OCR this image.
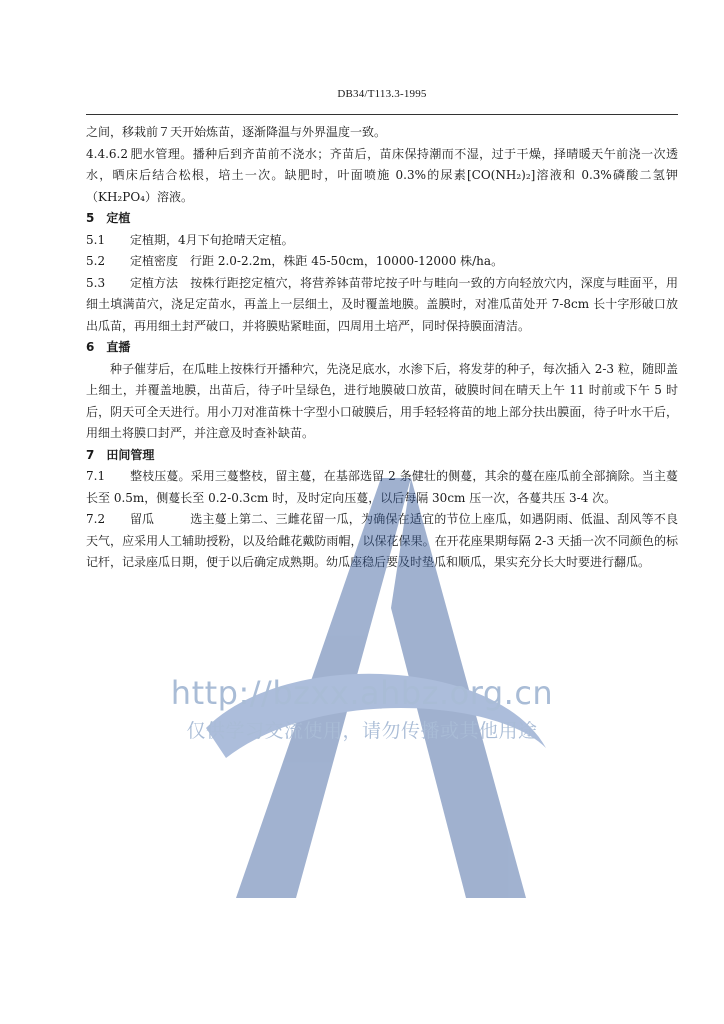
DB34/T113.3-1995

之间，移栽前７天开始炼苗，逐渐降温与外界温度一致。

4.4.6.2 肥水管理。播种后到齐苗前不浇水；齐苗后，苗床保持潮而不湿，过于干燥，择晴暖天午前浇一次透水，晒床后结合松根，培土一次。缺肥时，叶面喷施 0.3%的尿素[CO(NH₂)₂]溶液和 0.3%磷酸二氢钾（KH₂PO₄）溶液。

5　定植

5.1 定植期，4月下旬抢晴天定植。

5.2 定植密度 行距 2.0-2.2m，株距 45-50cm，10000-12000 株/ha。

5.3 定植方法 按株行距挖定植穴，将营养钵苗带坨按子叶与畦向一致的方向轻放穴内，深度与畦面平，用细土填满苗穴，浇足定苗水，再盖上一层细土，及时覆盖地膜。盖膜时，对准瓜苗处开 7-8cm 长十字形破口放出瓜苗，再用细土封严破口，并将膜贴紧畦面，四周用土培严，同时保持膜面清洁。

6　直播

种子催芽后，在瓜畦上按株行开播种穴，先浇足底水，水渗下后，将发芽的种子，每次插入 2-3 粒，随即盖上细土，并覆盖地膜，出苗后，待子叶呈绿色，进行地膜破口放苗，破膜时间在晴天上午 11 时前或下午 5 时后，阴天可全天进行。用小刀对准苗株十字型小口破膜后，用手轻轻将苗的地上部分扶出膜面，待子叶水干后，用细土将膜口封严，并注意及时查补缺苗。

7　田间管理

7.1 整枝压蔓。采用三蔓整枝，留主蔓，在基部选留 2 条健壮的侧蔓，其余的蔓在座瓜前全部摘除。当主蔓长至 0.5m，侧蔓长至 0.2-0.3cm 时，及时定向压蔓，以后每隔 30cm 压一次，各蔓共压 3-4 次。

7.2 留瓜	选主蔓上第二、三雌花留一瓜，为确保在适宜的节位上座瓜，如遇阴雨、低温、刮风等不良天气，应采用人工辅助授粉，以及给雌花戴防雨帽，以保花保果。在开花座果期每隔 2-3 天插一次不同颜色的标记杆，记录座瓜日期，便于以后确定成熟期。幼瓜座稳后要及时垫瓜和顺瓜，果实充分长大时要进行翻瓜。

http://bzxx.ahbz.org.cn
仅供学习交流使用，请勿传播或其他用途
